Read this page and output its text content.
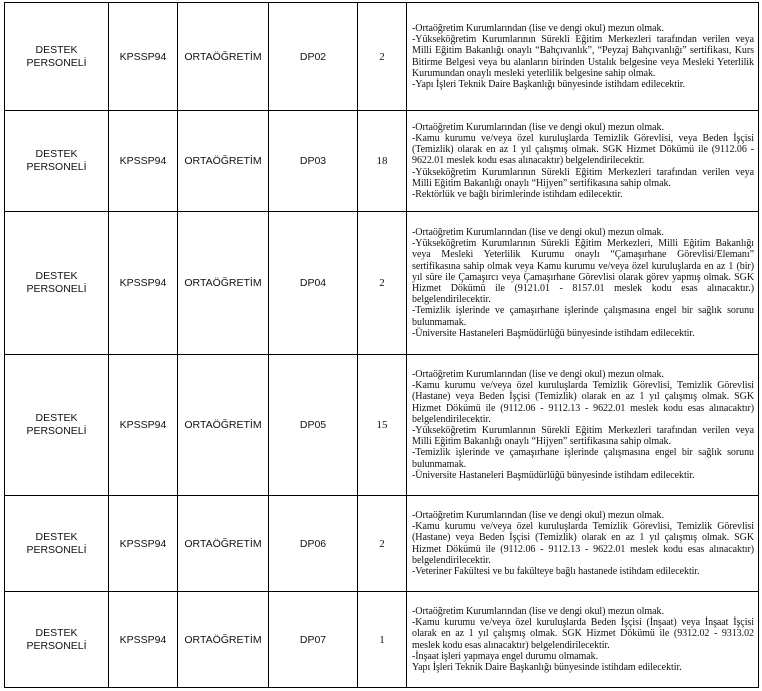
DESTEK PERSONELİ	KPSSP94	ORTAÖĞRETİM	DP02	2	-Ortaöğretim Kurumlarından (lise ve dengi okul) mezun olmak.
-Yükseköğretim Kurumlarının Sürekli Eğitim Merkezleri tarafından verilen veya Milli Eğitim Bakanlığı onaylı “Bahçıvanlık”, “Peyzaj Bahçıvanlığı” sertifikası, Kurs Bitirme Belgesi veya bu alanların birinden Ustalık belgesine veya Mesleki Yeterlilik Kurumundan onaylı mesleki yeterlilik belgesine sahip olmak.
-Yapı İşleri Teknik Daire Başkanlığı bünyesinde istihdam edilecektir.

DESTEK PERSONELİ	KPSSP94	ORTAÖĞRETİM	DP03	18	-Ortaöğretim Kurumlarından (lise ve dengi okul) mezun olmak.
-Kamu kurumu ve/veya özel kuruluşlarda Temizlik Görevlisi, veya Beden İşçisi (Temizlik) olarak en az 1 yıl çalışmış olmak. SGK Hizmet Dökümü ile (9112.06 - 9622.01 meslek kodu esas alınacaktır) belgelendirilecektir.
-Yükseköğretim Kurumlarının Sürekli Eğitim Merkezleri tarafından verilen veya Milli Eğitim Bakanlığı onaylı “Hijyen” sertifikasına sahip olmak.
-Rektörlük ve bağlı birimlerinde istihdam edilecektir.

DESTEK PERSONELİ	KPSSP94	ORTAÖĞRETİM	DP04	2	-Ortaöğretim Kurumlarından (lise ve dengi okul) mezun olmak.
-Yükseköğretim Kurumlarının Sürekli Eğitim Merkezleri, Milli Eğitim Bakanlığı veya Mesleki Yeterlilik Kurumu onaylı “Çamaşırhane Görevlisi/Elemanı” sertifikasına sahip olmak veya Kamu kurumu ve/veya özel kuruluşlarda en az 1 (bir) yıl süre ile Çamaşırcı veya Çamaşırhane Görevlisi olarak görev yapmış olmak. SGK Hizmet Dökümü ile (9121.01 - 8157.01 meslek kodu esas alınacaktır.) belgelendirilecektir.
-Temizlik işlerinde ve çamaşırhane işlerinde çalışmasına engel bir sağlık sorunu bulunmamak.
-Üniversite Hastaneleri Başmüdürlüğü bünyesinde istihdam edilecektir.

DESTEK PERSONELİ	KPSSP94	ORTAÖĞRETİM	DP05	15	-Ortaöğretim Kurumlarından (lise ve dengi okul) mezun olmak.
-Kamu kurumu ve/veya özel kuruluşlarda Temizlik Görevlisi, Temizlik Görevlisi (Hastane) veya Beden İşçisi (Temizlik) olarak en az 1 yıl çalışmış olmak. SGK Hizmet Dökümü ile (9112.06 - 9112.13 - 9622.01 meslek kodu esas alınacaktır) belgelendirilecektir.
-Yükseköğretim Kurumlarının Sürekli Eğitim Merkezleri tarafından verilen veya Milli Eğitim Bakanlığı onaylı “Hijyen” sertifikasına sahip olmak.
-Temizlik işlerinde ve çamaşırhane işlerinde çalışmasına engel bir sağlık sorunu bulunmamak.
-Üniversite Hastaneleri Başmüdürlüğü bünyesinde istihdam edilecektir.

DESTEK PERSONELİ	KPSSP94	ORTAÖĞRETİM	DP06	2	-Ortaöğretim Kurumlarından (lise ve dengi okul) mezun olmak.
-Kamu kurumu ve/veya özel kuruluşlarda Temizlik Görevlisi, Temizlik Görevlisi (Hastane) veya Beden İşçisi (Temizlik) olarak en az 1 yıl çalışmış olmak. SGK Hizmet Dökümü ile (9112.06 - 9112.13 - 9622.01 meslek kodu esas alınacaktır) belgelendirilecektir.
-Veteriner Fakültesi ve bu fakülteye bağlı hastanede istihdam edilecektir.

DESTEK PERSONELİ	KPSSP94	ORTAÖĞRETİM	DP07	1	-Ortaöğretim Kurumlarından (lise ve dengi okul) mezun olmak.
-Kamu kurumu ve/veya özel kuruluşlarda Beden İşçisi (İnşaat) veya İnşaat İşçisi olarak en az 1 yıl çalışmış olmak. SGK Hizmet Dökümü ile (9312.02 - 9313.02 meslek kodu esas alınacaktır) belgelendirilecektir.
-İnşaat işleri yapmaya engel durumu olmamak.
Yapı İşleri Teknik Daire Başkanlığı bünyesinde istihdam edilecektir.
